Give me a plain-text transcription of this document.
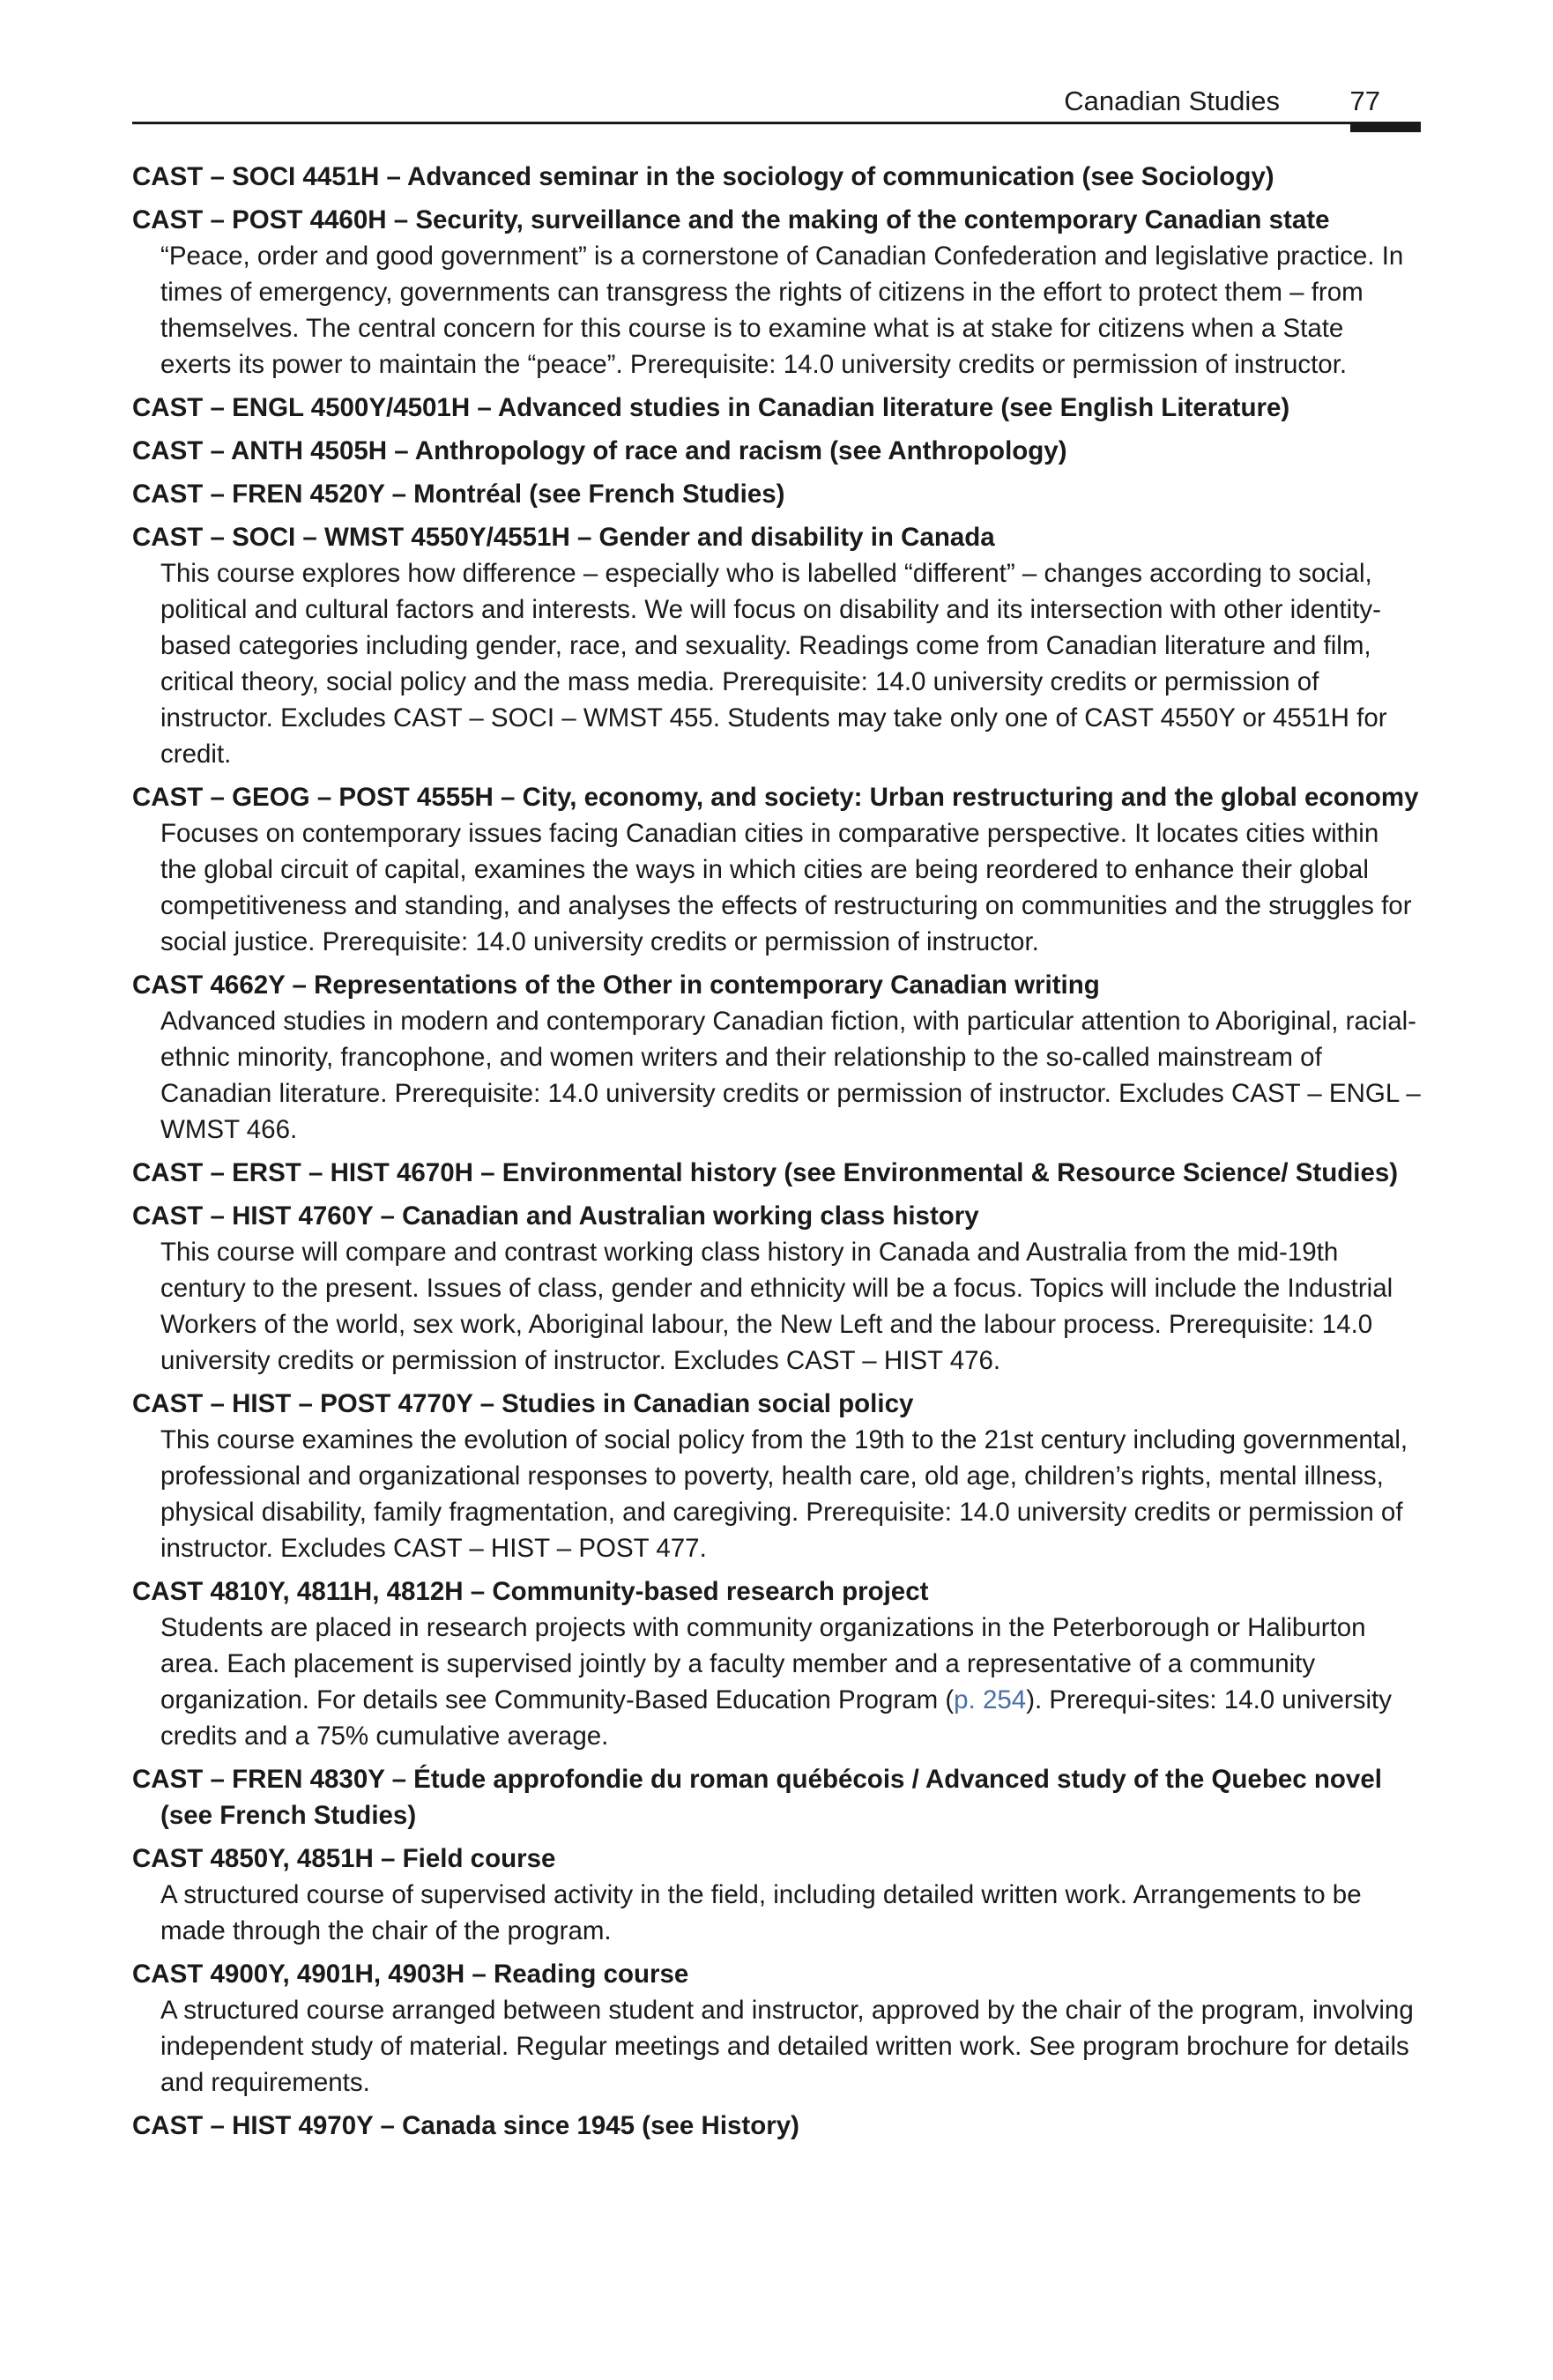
Canadian Studies	77

CAST – SOCI 4451H – Advanced seminar in the sociology of communication (see Sociology)

CAST – POST 4460H – Security, surveillance and the making of the contemporary Canadian state

“Peace, order and good government” is a cornerstone of Canadian Confederation and legislative practice. In times of emergency, governments can transgress the rights of citizens in the effort to protect them – from themselves. The central concern for this course is to examine what is at stake for citizens when a State exerts its power to maintain the “peace”. Prerequisite: 14.0 university credits or permission of instructor.

CAST – ENGL 4500Y/4501H – Advanced studies in Canadian literature (see English Literature)

CAST – ANTH 4505H – Anthropology of race and racism (see Anthropology)

CAST – FREN 4520Y – Montréal (see French Studies)

CAST – SOCI – WMST 4550Y/4551H – Gender and disability in Canada

This course explores how difference – especially who is labelled “different” – changes according to social, political and cultural factors and interests. We will focus on disability and its intersection with other identity-based categories including gender, race, and sexuality. Readings come from Canadian literature and film, critical theory, social policy and the mass media. Prerequisite: 14.0 university credits or permission of instructor. Excludes CAST – SOCI – WMST 455. Students may take only one of CAST 4550Y or 4551H for credit.

CAST – GEOG – POST 4555H – City, economy, and society: Urban restructuring and the global economy

Focuses on contemporary issues facing Canadian cities in comparative perspective. It locates cities within the global circuit of capital, examines the ways in which cities are being reordered to enhance their global competitiveness and standing, and analyses the effects of restructuring on communities and the struggles for social justice. Prerequisite: 14.0 university credits or permission of instructor.

CAST 4662Y – Representations of the Other in contemporary Canadian writing

Advanced studies in modern and contemporary Canadian fiction, with particular attention to Aboriginal, racial-ethnic minority, francophone, and women writers and their relationship to the so-called mainstream of Canadian literature. Prerequisite: 14.0 university credits or permission of instructor. Excludes CAST – ENGL – WMST 466.

CAST – ERST – HIST 4670H – Environmental history (see Environmental & Resource Science/ Studies)

CAST – HIST 4760Y – Canadian and Australian working class history

This course will compare and contrast working class history in Canada and Australia from the mid-19th century to the present. Issues of class, gender and ethnicity will be a focus. Topics will include the Industrial Workers of the world, sex work, Aboriginal labour, the New Left and the labour process. Prerequisite: 14.0 university credits or permission of instructor. Excludes CAST – HIST 476.

CAST – HIST – POST 4770Y – Studies in Canadian social policy

This course examines the evolution of social policy from the 19th to the 21st century including governmental, professional and organizational responses to poverty, health care, old age, children’s rights, mental illness, physical disability, family fragmentation, and caregiving. Prerequisite: 14.0 university credits or permission of instructor. Excludes CAST – HIST – POST 477.

CAST 4810Y, 4811H, 4812H – Community-based research project

Students are placed in research projects with community organizations in the Peterborough or Haliburton area. Each placement is supervised jointly by a faculty member and a representative of a community organization. For details see Community-Based Education Program (p. 254). Prerequi-sites: 14.0 university credits and a 75% cumulative average.

CAST – FREN 4830Y – Étude approfondie du roman québécois / Advanced study of the Quebec novel (see French Studies)

CAST 4850Y, 4851H – Field course

A structured course of supervised activity in the field, including detailed written work. Arrangements to be made through the chair of the program.

CAST 4900Y, 4901H, 4903H – Reading course

A structured course arranged between student and instructor, approved by the chair of the program, involving independent study of material. Regular meetings and detailed written work. See program brochure for details and requirements.

CAST – HIST 4970Y – Canada since 1945 (see History)
